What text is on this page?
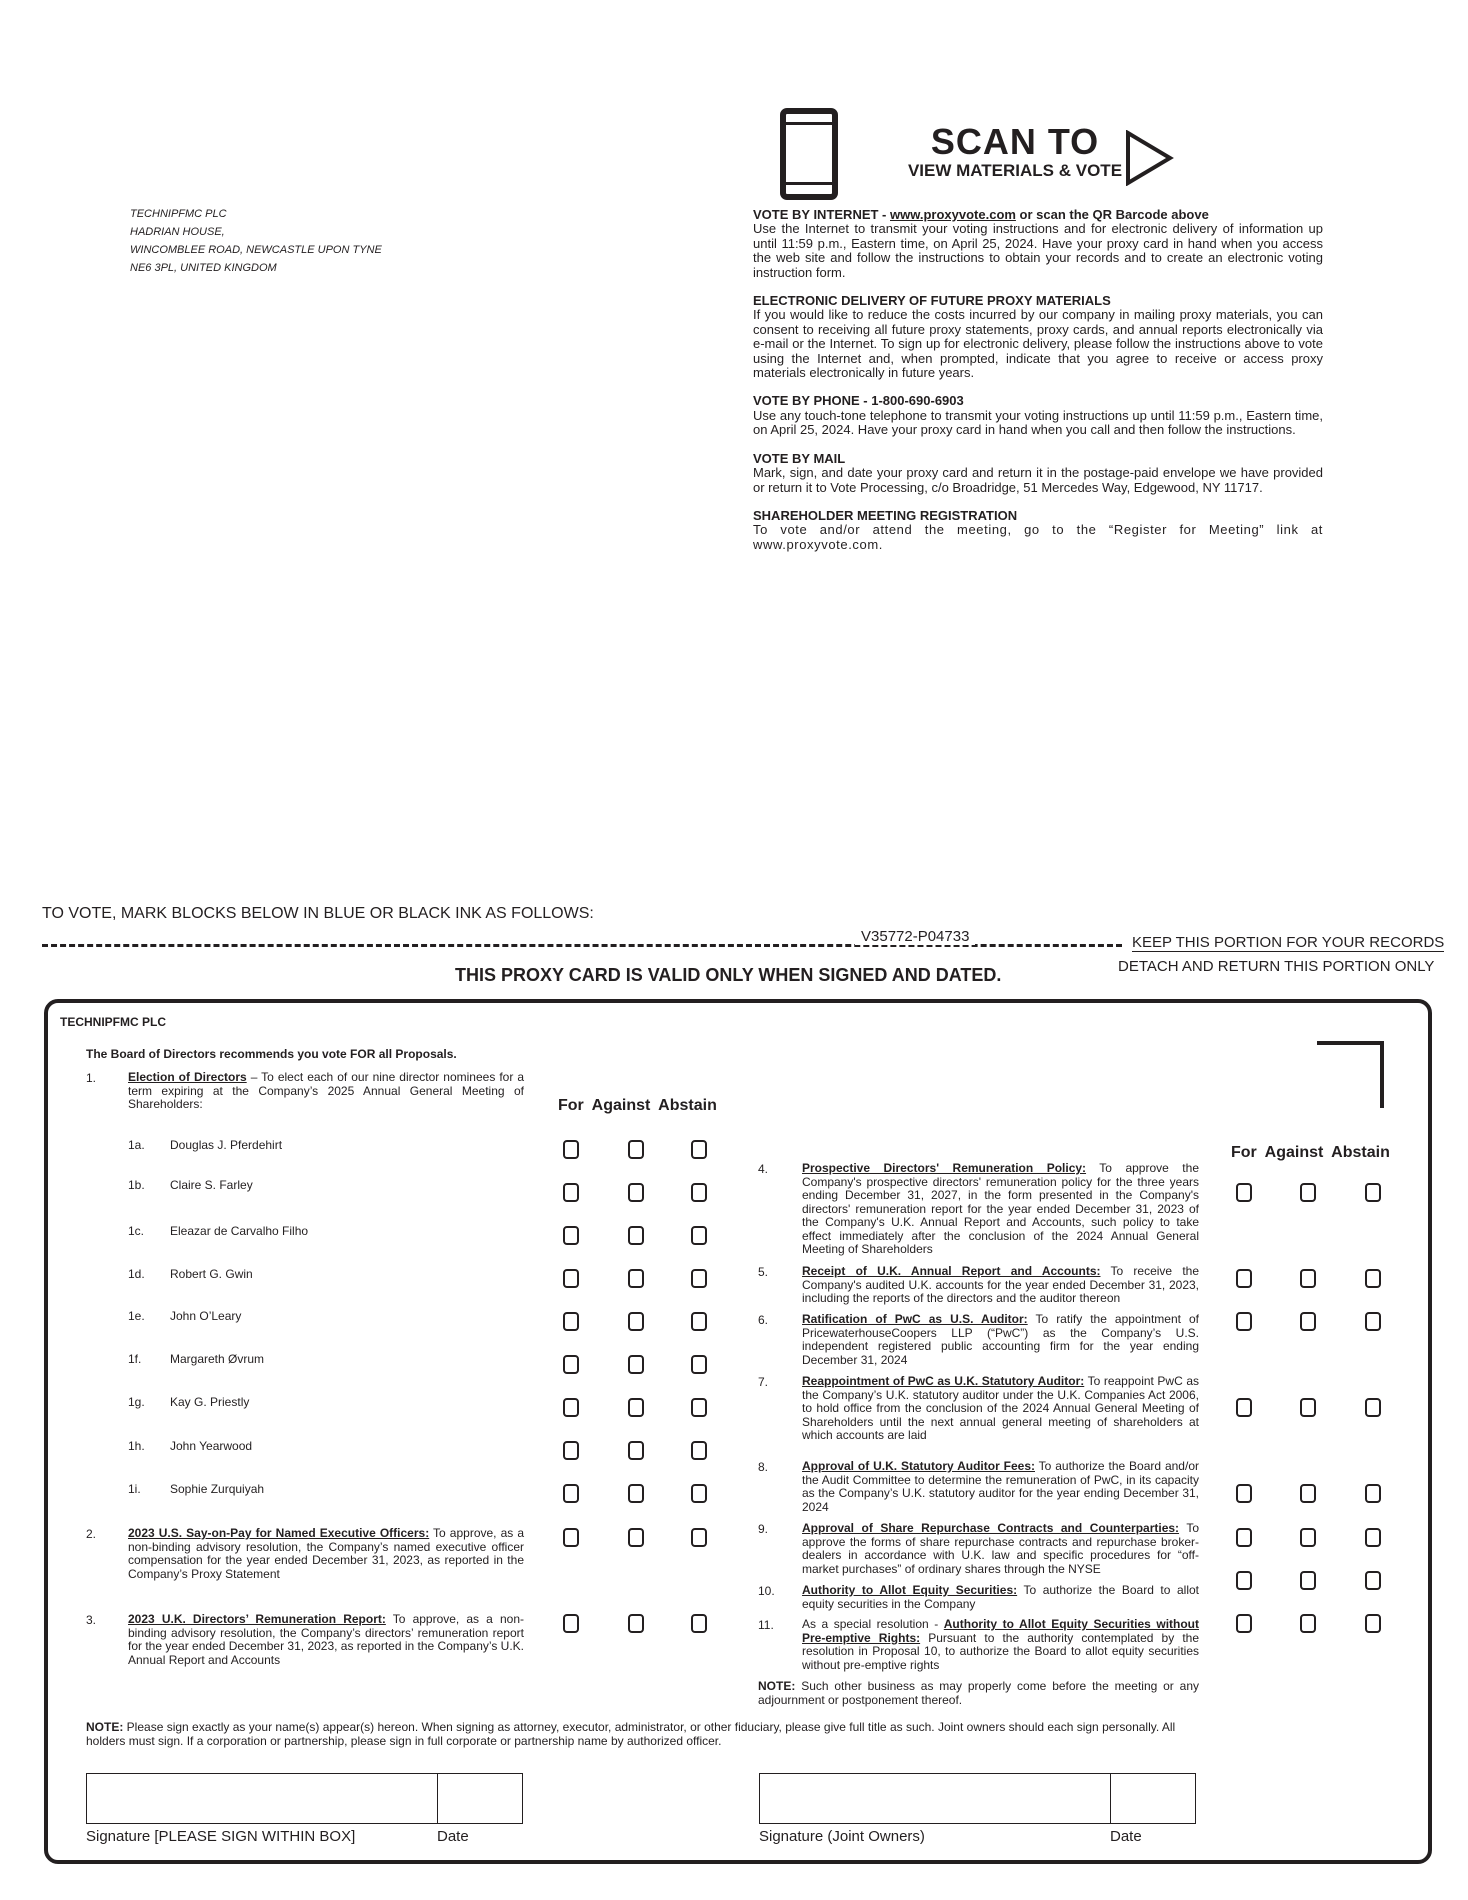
TECHNIPFMC PLC
HADRIAN HOUSE,
WINCOMBLEE ROAD, NEWCASTLE UPON TYNE
NE6 3PL, UNITED KINGDOM
SCAN TO
VIEW MATERIALS & VOTE
VOTE BY INTERNET - www.proxyvote.com or scan the QR Barcode above

Use the Internet to transmit your voting instructions and for electronic delivery of information up until 11:59 p.m., Eastern time, on April 25, 2024. Have your proxy card in hand when you access the web site and follow the instructions to obtain your records and to create an electronic voting instruction form.

ELECTRONIC DELIVERY OF FUTURE PROXY MATERIALS

If you would like to reduce the costs incurred by our company in mailing proxy materials, you can consent to receiving all future proxy statements, proxy cards, and annual reports electronically via e-mail or the Internet. To sign up for electronic delivery, please follow the instructions above to vote using the Internet and, when prompted, indicate that you agree to receive or access proxy materials electronically in future years.

VOTE BY PHONE - 1-800-690-6903

Use any touch-tone telephone to transmit your voting instructions up until 11:59 p.m., Eastern time, on April 25, 2024. Have your proxy card in hand when you call and then follow the instructions.

VOTE BY MAIL

Mark, sign, and date your proxy card and return it in the postage-paid envelope we have provided or return it to Vote Processing, c/o Broadridge, 51 Mercedes Way, Edgewood, NY 11717.

SHAREHOLDER MEETING REGISTRATION

To vote and/or attend the meeting, go to the “Register for Meeting” link at www.proxyvote.com.

TO VOTE, MARK BLOCKS BELOW IN BLUE OR BLACK INK AS FOLLOWS:
V35772-P04733	KEEP THIS PORTION FOR YOUR RECORDS
DETACH AND RETURN THIS PORTION ONLY
THIS PROXY CARD IS VALID ONLY WHEN SIGNED AND DATED.
TECHNIPFMC PLC
The Board of Directors recommends you vote FOR all Proposals.
1.	Election of Directors – To elect each of our nine director nominees for a term expiring at the Company’s 2025 Annual General Meeting of Shareholders:	For Against Abstain
1a. Douglas J. Pferdehirt
1b. Claire S. Farley
1c. Eleazar de Carvalho Filho
1d. Robert G. Gwin
1e. John O’Leary
1f. Margareth Øvrum
1g. Kay G. Priestly
1h. John Yearwood
1i. Sophie Zurquiyah
2.	2023 U.S. Say-on-Pay for Named Executive Officers: To approve, as a non-binding advisory resolution, the Company’s named executive officer compensation for the year ended December 31, 2023, as reported in the Company’s Proxy Statement
3.	2023 U.K. Directors’ Remuneration Report: To approve, as a non-binding advisory resolution, the Company’s directors’ remuneration report for the year ended December 31, 2023, as reported in the Company’s U.K. Annual Report and Accounts
For Against Abstain
4.	Prospective Directors' Remuneration Policy: To approve the Company's prospective directors' remuneration policy for the three years ending December 31, 2027, in the form presented in the Company's directors' remuneration report for the year ended December 31, 2023 of the Company's U.K. Annual Report and Accounts, such policy to take effect immediately after the conclusion of the 2024 Annual General Meeting of Shareholders
5.	Receipt of U.K. Annual Report and Accounts: To receive the Company's audited U.K. accounts for the year ended December 31, 2023, including the reports of the directors and the auditor thereon
6.	Ratification of PwC as U.S. Auditor: To ratify the appointment of PricewaterhouseCoopers LLP (“PwC”) as the Company’s U.S. independent registered public accounting firm for the year ending December 31, 2024
7.	Reappointment of PwC as U.K. Statutory Auditor: To reappoint PwC as the Company’s U.K. statutory auditor under the U.K. Companies Act 2006, to hold office from the conclusion of the 2024 Annual General Meeting of Shareholders until the next annual general meeting of shareholders at which accounts are laid
8.	Approval of U.K. Statutory Auditor Fees: To authorize the Board and/or the Audit Committee to determine the remuneration of PwC, in its capacity as the Company’s U.K. statutory auditor for the year ending December 31, 2024
9.	Approval of Share Repurchase Contracts and Counterparties: To approve the forms of share repurchase contracts and repurchase broker-dealers in accordance with U.K. law and specific procedures for “off-market purchases” of ordinary shares through the NYSE
10. Authority to Allot Equity Securities: To authorize the Board to allot equity securities in the Company
11. As a special resolution - Authority to Allot Equity Securities without Pre-emptive Rights: Pursuant to the authority contemplated by the resolution in Proposal 10, to authorize the Board to allot equity securities without pre-emptive rights
NOTE: Such other business as may properly come before the meeting or any adjournment or postponement thereof.
NOTE: Please sign exactly as your name(s) appear(s) hereon. When signing as attorney, executor, administrator, or other fiduciary, please give full title as such. Joint owners should each sign personally. All holders must sign. If a corporation or partnership, please sign in full corporate or partnership name by authorized officer.
Signature [PLEASE SIGN WITHIN BOX]	Date	Signature (Joint Owners)	Date
